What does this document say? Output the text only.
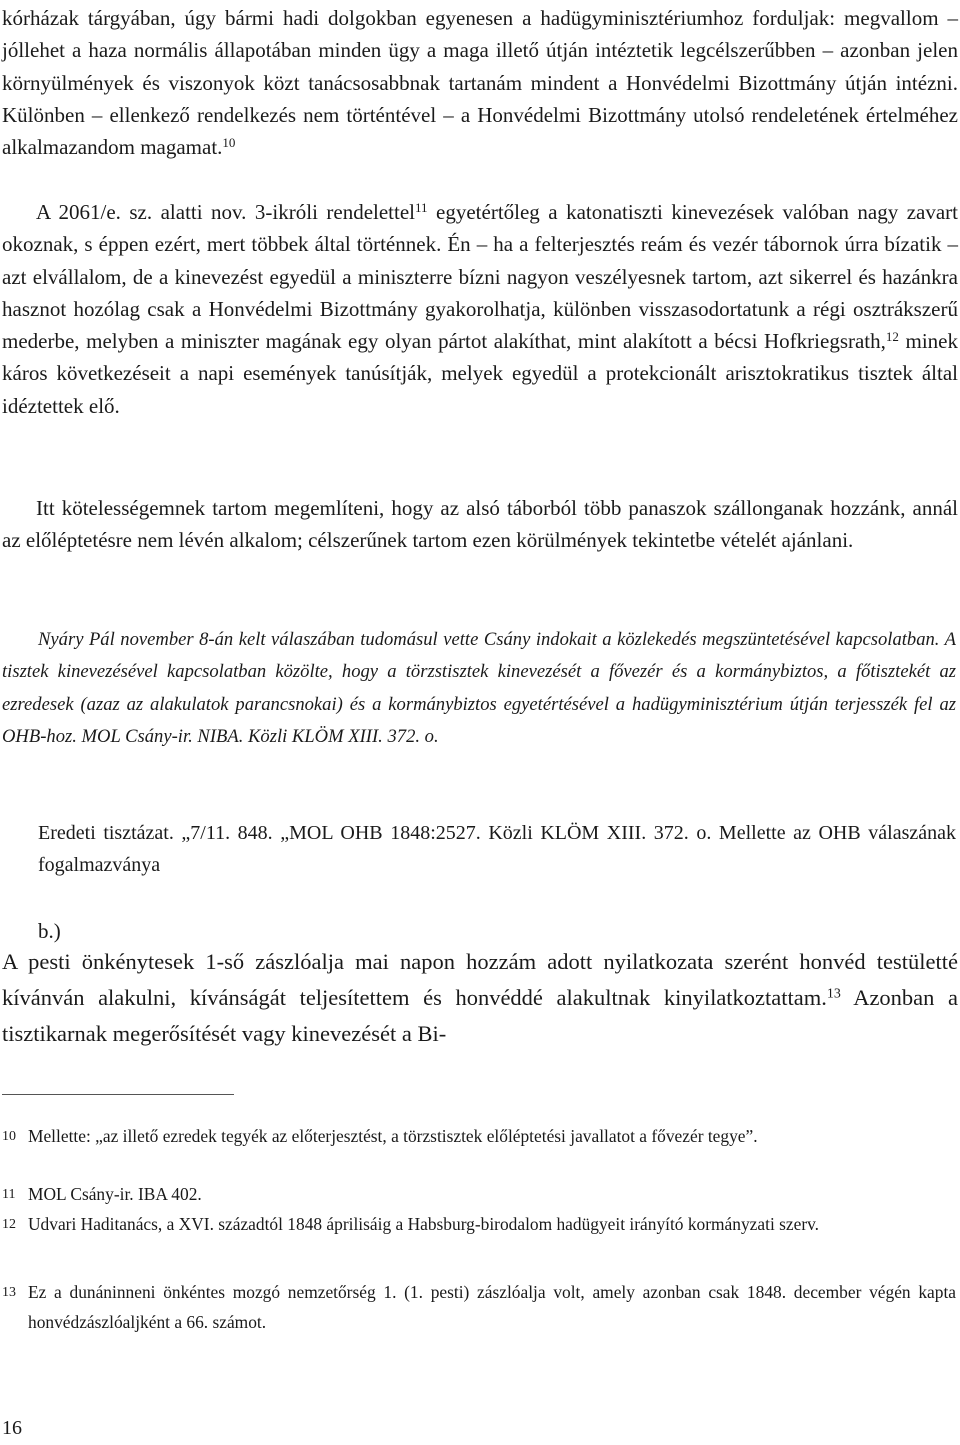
kórházak tárgyában, úgy bármi hadi dolgokban egyenesen a hadügyminisztériumhoz forduljak: megvallom – jóllehet a haza normális állapotában minden ügy a maga illető útján intéztetik legcélszerűbben – azonban jelen környülmények és viszonyok közt tanácsosabbnak tartanám mindent a Honvédelmi Bizottmány útján intézni. Különben – ellenkező rendelkezés nem történtével – a Honvédelmi Bizottmány utolsó rendeletének értelméhez alkalmazandom magamat.$^{10}$

A 2061/e. sz. alatti nov. 3-ikróli rendelettel$^{11}$ egyetértőleg a katonatiszti kinevezések valóban nagy zavart okoznak, s éppen ezért, mert többek által történnek. Én – ha a felterjesztés reám és vezér tábornok úrra bízatik – azt elvállalom, de a kinevezést egyedül a miniszterre bízni nagyon veszélyesnek tartom, azt sikerrel és hazánkra hasznot hozólag csak a Honvédelmi Bizottmány gyakorolhatja, különben visszasodortatunk a régi osztrákszerű mederbe, melyben a miniszter magának egy olyan pártot alakíthat, mint alakított a bécsi Hofkriegsrath,$^{12}$ minek káros következéseit a napi események tanúsítják, melyek egyedül a protekcionált arisztokratikus tisztek által idéztettek elő.

Itt kötelességemnek tartom megemlíteni, hogy az alsó táborból több panaszok szállonganak hozzánk, annál az előléptetésre nem lévén alkalom; célszerűnek tartom ezen körülmények tekintetbe vételét ajánlani.

Nyáry Pál november 8-án kelt válaszában tudomásul vette Csány indokait a közlekedés megszüntetésével kapcsolatban. A tisztek kinevezésével kapcsolatban közölte, hogy a törzstisztek kinevezését a fővezér és a kormánybiztos, a főtisztekét az ezredesek (azaz az alakulatok parancsnokai) és a kormánybiztos egyetértésével a hadügyminisztérium útján terjesszék fel az OHB-hoz. MOL Csány-ir. NIBA. Közli KLÖM XIII. 372. o.

Eredeti tisztázat. „7/11. 848. „MOL OHB 1848:2527. Közli KLÖM XIII. 372. o. Mellette az OHB válaszának fogalmazványa

b.)

A pesti önkénytesek 1-ső zászlóalja mai napon hozzám adott nyilatkozata szerént honvéd testületté kívánván alakulni, kívánságát teljesítettem és honvéddé alakultnak kinyilatkoztattam.$^{13}$ Azonban a tisztikarnak megerősítését vagy kinevezését a Bi-

10 Mellette: „az illető ezredek tegyék az előterjesztést, a törzstisztek előléptetési javallatot a fővezér tegye”.

11 MOL Csány-ir. IBA 402.

12 Udvari Haditanács, a XVI. századtól 1848 áprilisáig a Habsburg-birodalom hadügyeit irányító kormányzati szerv.

13 Ez a dunáninneni önkéntes mozgó nemzetőrség 1. (1. pesti) zászlóalja volt, amely azonban csak 1848. december végén kapta honvédzászlóaljként a 66. számot.

16
